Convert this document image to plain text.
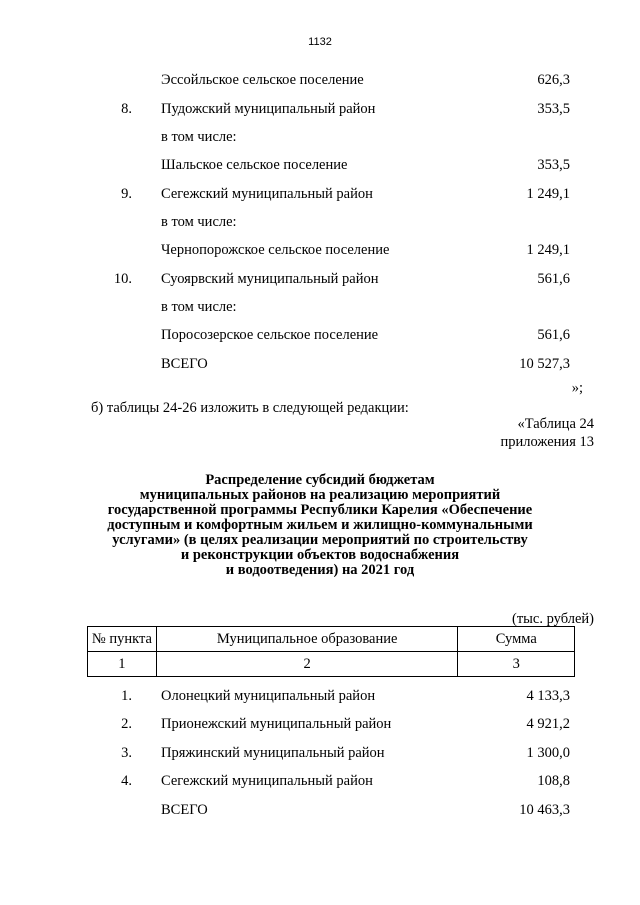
1132
Эссойльское сельское поселение	626,3
8. Пудожский муниципальный район	353,5
в том числе:
Шальское сельское поселение	353,5
9. Сегежский муниципальный район	1 249,1
в том числе:
Чернопорожское сельское поселение	1 249,1
10. Суоярвский муниципальный район	561,6
в том числе:
Поросозерское сельское поселение	561,6
ВСЕГО	10 527,3
»;
б) таблицы 24-26 изложить в следующей редакции:
«Таблица 24
приложения 13
Распределение субсидий бюджетам
муниципальных районов на реализацию мероприятий
государственной программы Республики Карелия «Обеспечение
доступным и комфортным жильем и жилищно-коммунальными
услугами» (в целях реализации мероприятий по строительству
и реконструкции объектов водоснабжения
и водоотведения) на 2021 год
(тыс. рублей)
№ пункта	Муниципальное образование	Сумма
1	2	3
1. Олонецкий муниципальный район	4 133,3
2. Прионежский муниципальный район	4 921,2
3. Пряжинский муниципальный район	1 300,0
4. Сегежский муниципальный район	108,8
ВСЕГО	10 463,3
